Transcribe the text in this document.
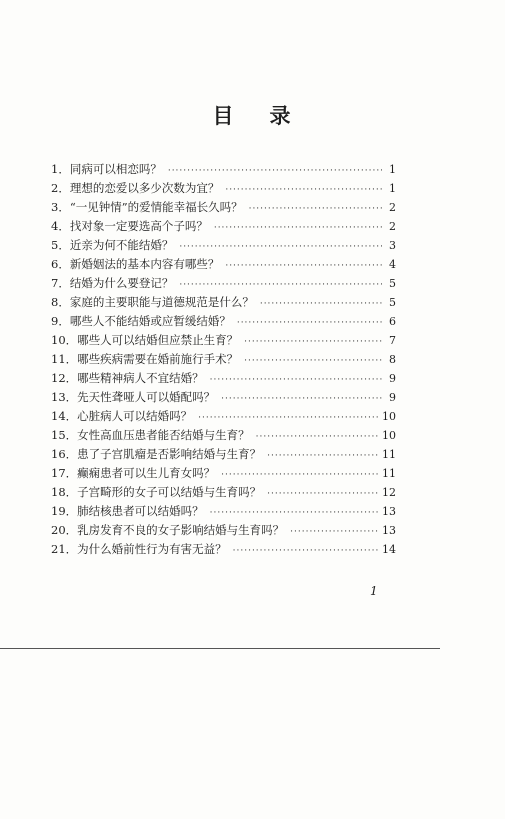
目 录
1．同病可以相恋吗？ ·····	1
2．理想的恋爱以多少次数为宜？ ·····	1
3．“一见钟情”的爱情能幸福长久吗？ ·····	2
4．找对象一定要选高个子吗？ ·····	2
5．近亲为何不能结婚？ ·····	3
6．新婚姻法的基本内容有哪些？ ·····	4
7．结婚为什么要登记？ ·····	5
8．家庭的主要职能与道德规范是什么？ ·····	5
9．哪些人不能结婚或应暂缓结婚？ ·····	6
10．哪些人可以结婚但应禁止生育？ ·····	7
11．哪些疾病需要在婚前施行手术？ ·····	8
12．哪些精神病人不宜结婚？ ·····	9
13．先天性聋哑人可以婚配吗？ ·····	9
14．心脏病人可以结婚吗？ ·····	10
15．女性高血压患者能否结婚与生育？ ·····	10
16．患了子宫肌瘤是否影响结婚与生育？ ·····	11
17．癫痫患者可以生儿育女吗？ ·····	11
18．子宫畸形的女子可以结婚与生育吗？ ·····	12
19．肺结核患者可以结婚吗？ ·····	13
20．乳房发育不良的女子影响结婚与生育吗？ ·····	13
21．为什么婚前性行为有害无益？ ·····	14
1
